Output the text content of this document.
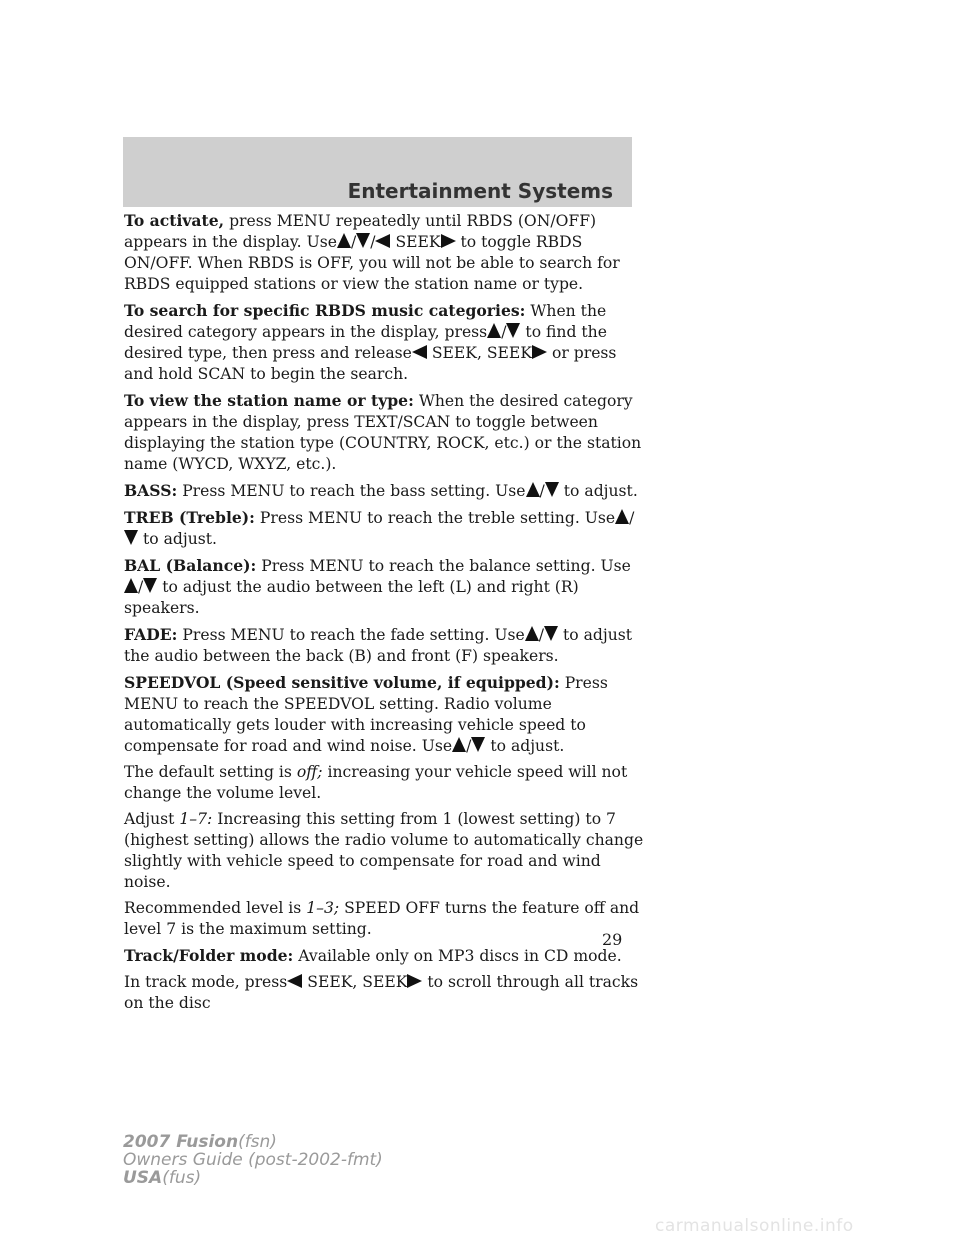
Entertainment Systems

To activate, press MENU repeatedly until RBDS (ON/OFF) appears in the display. Use / / SEEK to toggle RBDS ON/OFF. When RBDS is OFF, you will not be able to search for RBDS equipped stations or view the station name or type.

To search for specific RBDS music categories: When the desired category appears in the display, press / to find the desired type, then press and release SEEK, SEEK or press and hold SCAN to begin the search.

To view the station name or type: When the desired category appears in the display, press TEXT/SCAN to toggle between displaying the station type (COUNTRY, ROCK, etc.) or the station name (WYCD, WXYZ, etc.).

BASS: Press MENU to reach the bass setting. Use / to adjust.

TREB (Treble): Press MENU to reach the treble setting. Use / to adjust.

BAL (Balance): Press MENU to reach the balance setting. Use/ to adjust the audio between the left (L) and right (R) speakers.

FADE: Press MENU to reach the fade setting. Use / to adjust the audio between the back (B) and front (F) speakers.

SPEEDVOL (Speed sensitive volume, if equipped): Press MENU to reach the SPEEDVOL setting. Radio volume automatically gets louder with increasing vehicle speed to compensate for road and wind noise. Use / to adjust.

The default setting is off; increasing your vehicle speed will not change the volume level.

Adjust 1–7: Increasing this setting from 1 (lowest setting) to 7 (highest setting) allows the radio volume to automatically change slightly with vehicle speed to compensate for road and wind noise.

Recommended level is 1–3; SPEED OFF turns the feature off and level 7 is the maximum setting.

Track/Folder mode: Available only on MP3 discs in CD mode.

In track mode, press SEEK, SEEK to scroll through all tracks on the disc

29
2007 Fusion(fsn)
Owners Guide (post-2002-fmt)
USA(fus)
carmanualsonline.info
